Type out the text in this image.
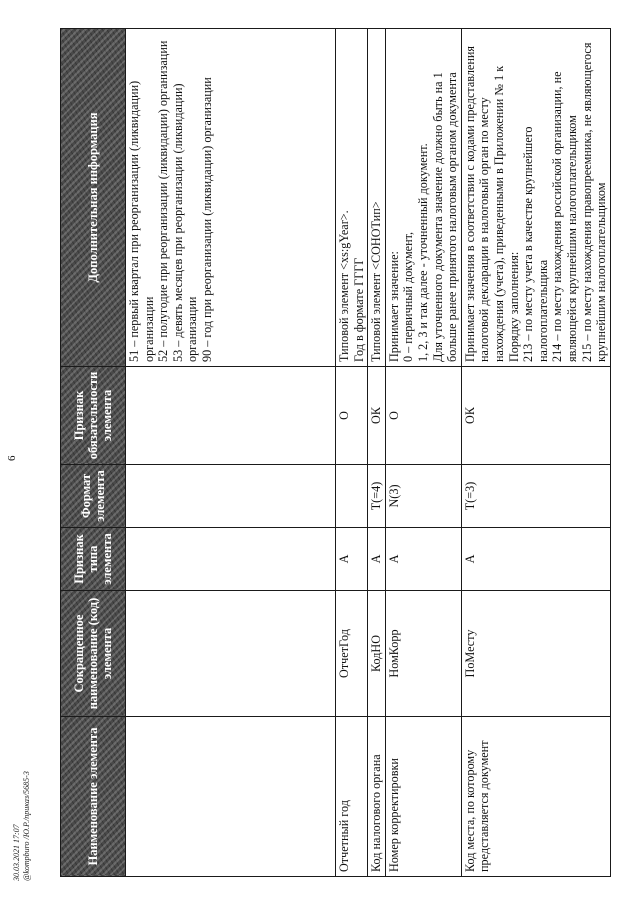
6
30.03.2021 17:07 @kompburo /Ю.Р./приказ/5685-3	Наименование элемента	Сокращенное наименование (код) элемента	Признак типа элемента	Формат элемента	Признак обязательности элемента	Дополнительная информация

					51 – первый квартал при реорганизации (ликвидации) организации 52 – полугодие при реорганизации (ликвидации) организации 53 – девять месяцев при реорганизации (ликвидации) организации 90 – год при реорганизации (ликвидации) организации

Отчетный год	ОтчетГод	А		О	Типовой элемент <xs:gYear>. Год в формате ГГГГ

Код налогового органа	КодНО	А	Т(=4)	ОК	Типовой элемент <СОНОТип>

Номер корректировки	НомКорр	А	N(3)	О	Принимает значение: 0 – первичный документ, 1, 2, 3 и так далее - уточненный документ. Для уточненного документа значение должно быть на 1 больше ранее принятого налоговым органом документа

Код места, по которому представляется документ	ПоМесту	А	Т(=3)	ОК	Принимает значения в соответствии с кодами представления налоговой декларации в налоговый орган по месту нахождения (учета), приведенными в Приложении № 1 к Порядку заполнения: 213 – по месту учета в качестве крупнейшего налогоплательщика 214 – по месту нахождения российской организации, не являющейся крупнейшим налогоплательщиком 215 – по месту нахождения правопреемника, не являющегося крупнейшим налогоплательщиком
